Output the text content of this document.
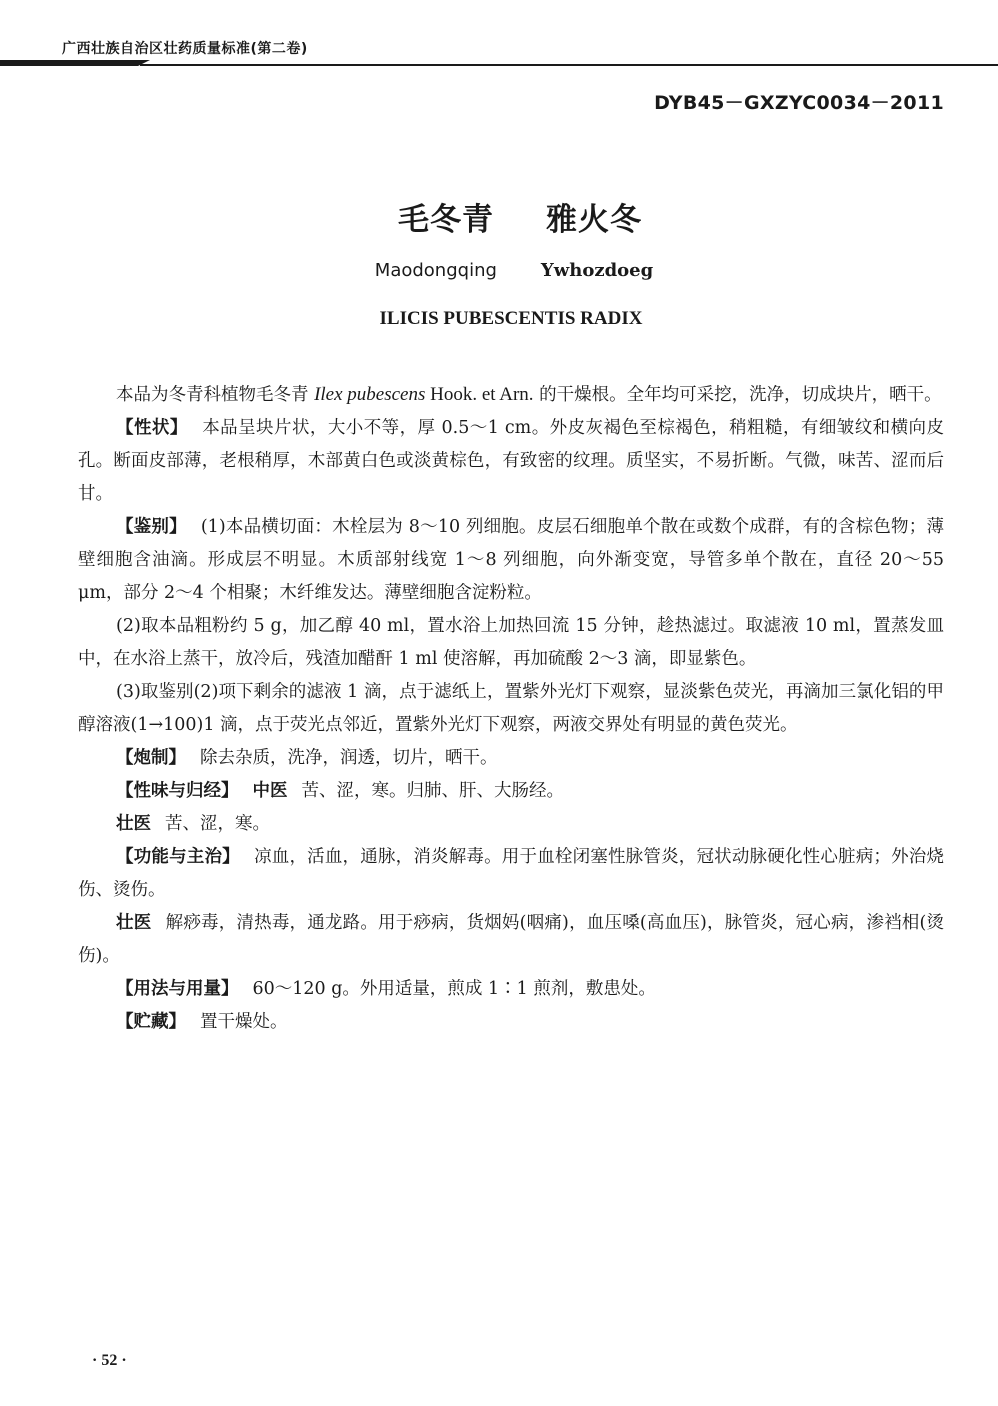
广西壮族自治区壮药质量标准(第二卷)
DYB45－GXZYC0034－2011
毛冬青 雅火冬
Maodongqing Ywhozdoeg
ILICIS PUBESCENTIS RADIX

本品为冬青科植物毛冬青 Ilex pubescens Hook. et Arn. 的干燥根。全年均可采挖，洗净，切成块片，晒干。

【性状】 本品呈块片状，大小不等，厚 0.5～1 cm。外皮灰褐色至棕褐色，稍粗糙，有细皱纹和横向皮孔。断面皮部薄，老根稍厚，木部黄白色或淡黄棕色，有致密的纹理。质坚实，不易折断。气微，味苦、涩而后甘。

【鉴别】 (1)本品横切面：木栓层为 8～10 列细胞。皮层石细胞单个散在或数个成群，有的含棕色物；薄壁细胞含油滴。形成层不明显。木质部射线宽 1～8 列细胞，向外渐变宽，导管多单个散在，直径 20～55 μm，部分 2～4 个相聚；木纤维发达。薄壁细胞含淀粉粒。

(2)取本品粗粉约 5 g，加乙醇 40 ml，置水浴上加热回流 15 分钟，趁热滤过。取滤液 10 ml，置蒸发皿中，在水浴上蒸干，放冷后，残渣加醋酐 1 ml 使溶解，再加硫酸 2～3 滴，即显紫色。

(3)取鉴别(2)项下剩余的滤液 1 滴，点于滤纸上，置紫外光灯下观察，显淡紫色荧光，再滴加三氯化铝的甲醇溶液(1→100)1 滴，点于荧光点邻近，置紫外光灯下观察，两液交界处有明显的黄色荧光。

【炮制】 除去杂质，洗净，润透，切片，晒干。

【性味与归经】 中医 苦、涩，寒。归肺、肝、大肠经。

壮医 苦、涩，寒。

【功能与主治】 凉血，活血，通脉，消炎解毒。用于血栓闭塞性脉管炎，冠状动脉硬化性心脏病；外治烧伤、烫伤。

壮医 解痧毒，清热毒，通龙路。用于痧病，货烟妈(咽痛)，血压嗓(高血压)，脉管炎，冠心病，渗裆相(烫伤)。

【用法与用量】 60～120 g。外用适量，煎成 1∶1 煎剂，敷患处。

【贮藏】 置干燥处。

· 52 ·
